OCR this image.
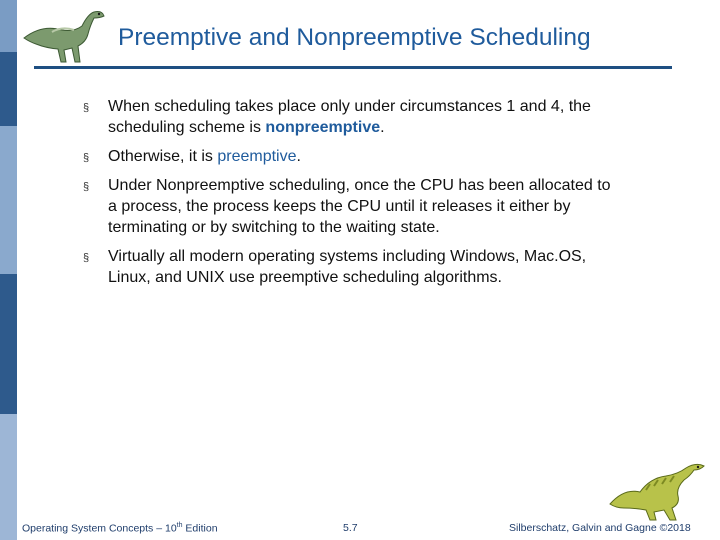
Preemptive and Nonpreemptive Scheduling
§ When scheduling takes place only under circumstances 1 and 4, the scheduling scheme is nonpreemptive.
§ Otherwise, it is preemptive.
§ Under Nonpreemptive scheduling, once the CPU has been allocated to a process, the process keeps the CPU until it releases it either by terminating or by switching to the waiting state.
§ Virtually all modern operating systems including Windows, Mac.OS, Linux, and UNIX use preemptive scheduling algorithms.
Operating System Concepts – 10th Edition	5.7	Silberschatz, Galvin and Gagne ©2018
